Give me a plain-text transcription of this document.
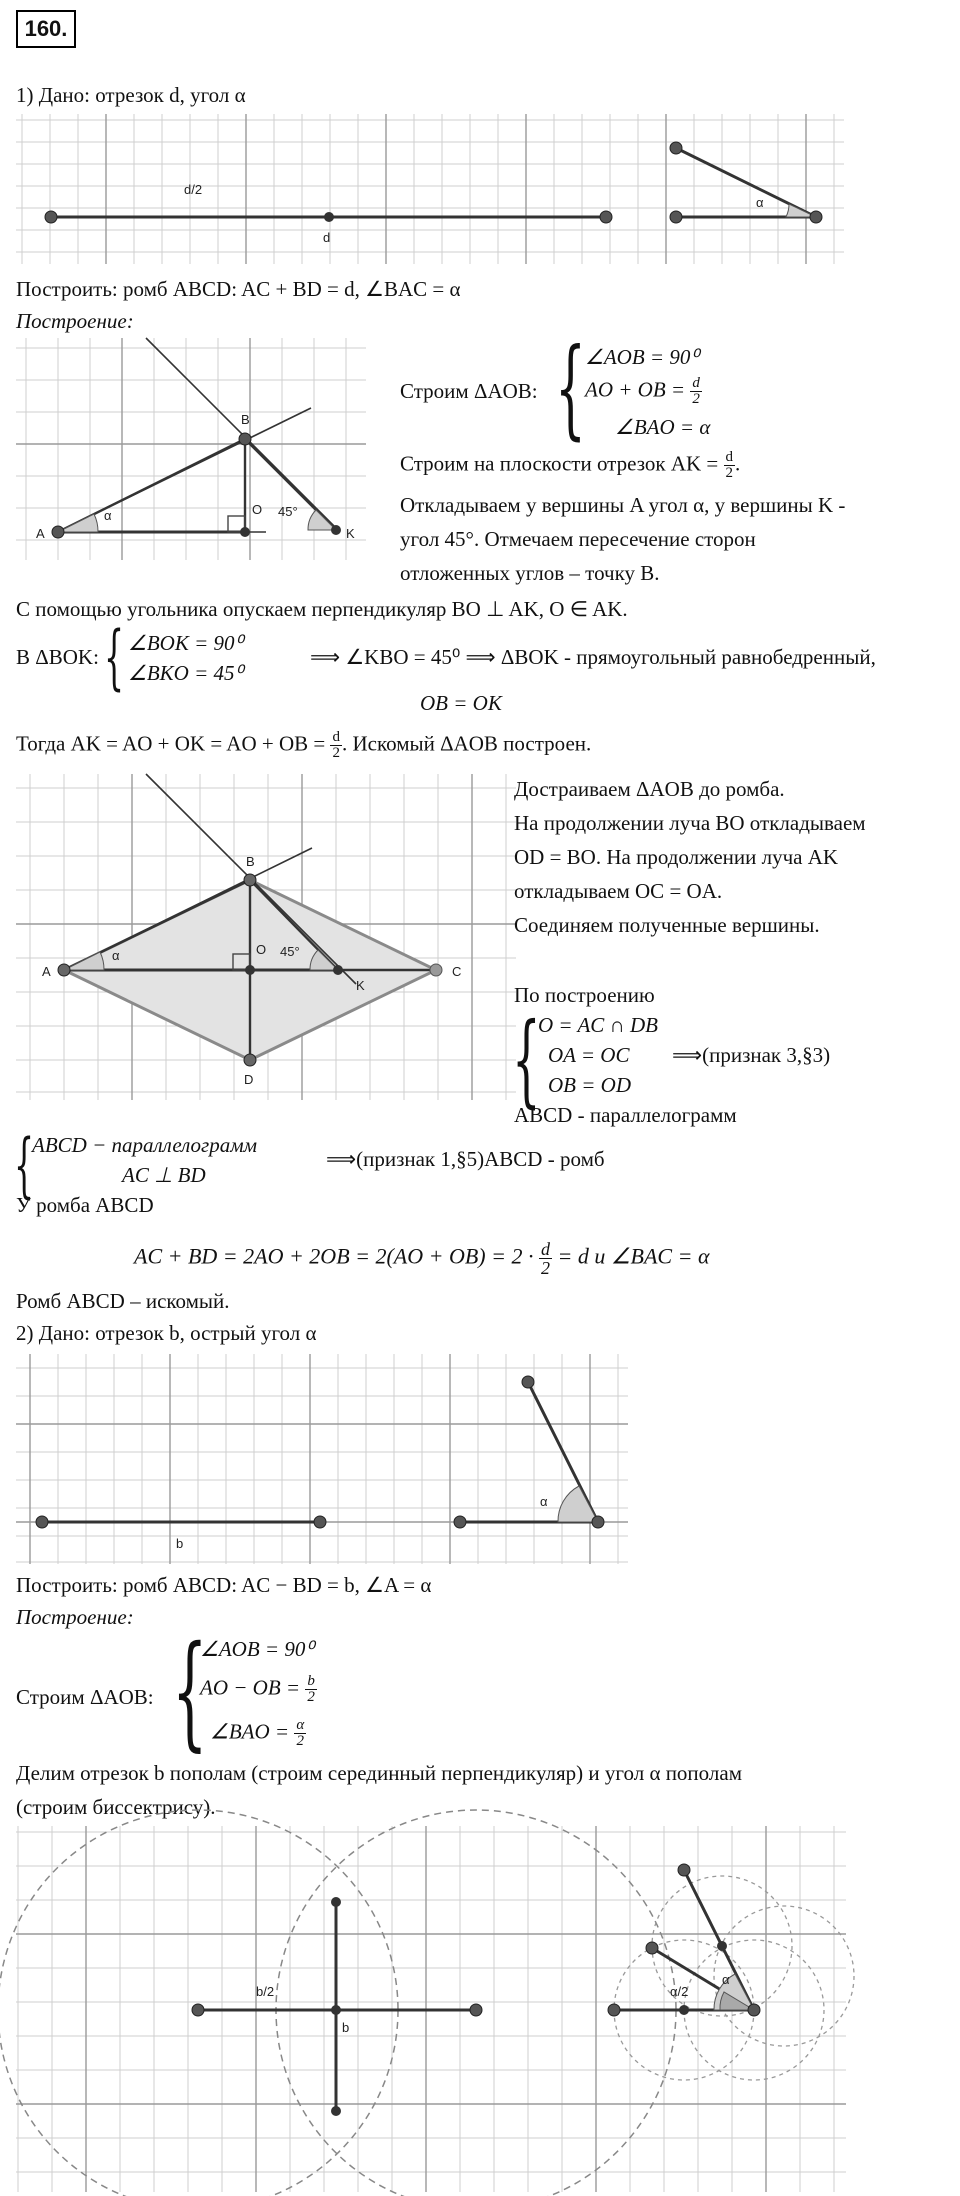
160.
1) Дано: отрезок d, угол α
d/2
d
α
Построить: ромб ABCD: AC + BD = d, ∠BAC = α
Построение:
A
B
O
K
α	45°
Строим ΔAOB: { ∠AOB = 90⁰
AO + OB = $\frac{d}{2}$
∠BAO = α
Строим на плоскости отрезок AK = $\frac{d}{2}$ .
Откладываем у вершины A угол α, у вершины K -
угол 45°. Отмечаем пересечение сторон
отложенных углов – точку B.
С помощью угольника опускаем перпендикуляр BO ⊥ AK, O ∈ AK.
В ΔBOK: { ∠BOK = 90⁰
∠BKO = 45⁰
⟹ ∠KBO = 45⁰ ⟹ ΔBOK - прямоугольный равнобедренный,
OB = OK
Тогда AK = AO + OK = AO + OB = $\frac{d}{2}$ . Искомый ΔAOB построен.
A
B
C
D
O
K
α	45°
Достраиваем ΔAOB до ромба.
На продолжении луча BO откладываем
OD = BO. На продолжении луча AK
откладываем OC = OA.
Соединяем полученные вершины.
По построению
{
O = AC ∩ DB
OA = OC
OB = OD
⟹(признак 3,§3)
ABCD - параллелограмм
{
ABCD − параллелограмм
AC ⊥ BD
⟹(признак 1,§5)ABCD - ромб
У ромба ABCD
AC + BD = $2AO + 2OB = 2(AO + OB) = 2 \cdot \frac{d}{2} = d$ и ∠BAC = α
Ромб ABCD – искомый.
2) Дано: отрезок b, острый угол α
b
α
Построить: ромб ABCD: AC − BD = b, ∠A = α
Построение:
Строим ΔAOB: {
∠AOB = 90⁰
AO − OB = $\frac{b}{2}$
∠BAO = $\frac{\alpha}{2}$
Делим отрезок b пополам (строим серединный перпендикуляр) и угол α пополам
(строим биссектрису).
b/2
b
α
α/2
